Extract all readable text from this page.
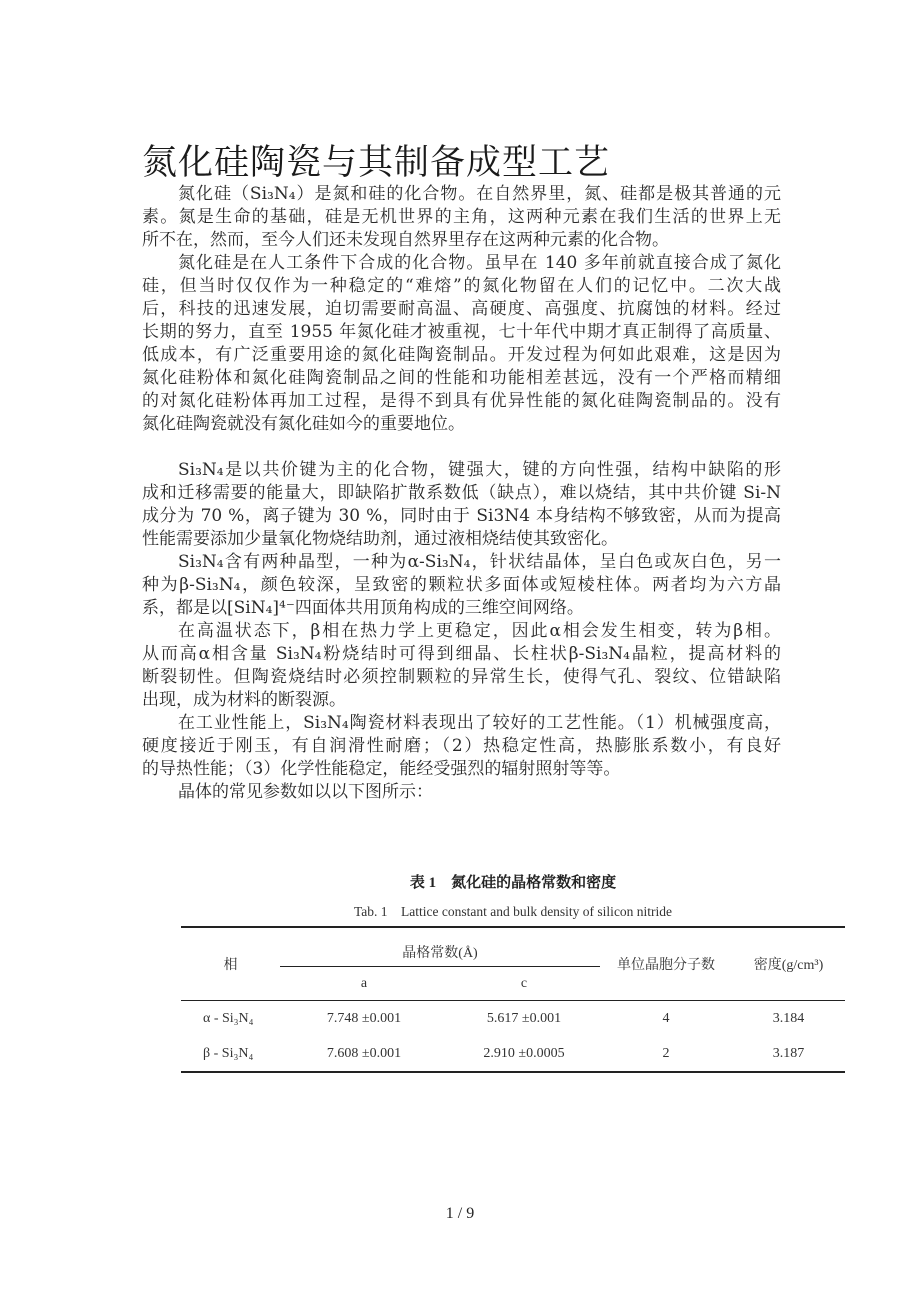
氮化硅陶瓷与其制备成型工艺
氮化硅（Si₃N₄）是氮和硅的化合物。在自然界里，氮、硅都是极其普通的元
素。氮是生命的基础，硅是无机世界的主角，这两种元素在我们生活的世界上无
所不在，然而，至今人们还未发现自然界里存在这两种元素的化合物。
氮化硅是在人工条件下合成的化合物。虽早在 140 多年前就直接合成了氮化
硅，但当时仅仅作为一种稳定的“难熔”的氮化物留在人们的记忆中。二次大战
后，科技的迅速发展，迫切需要耐高温、高硬度、高强度、抗腐蚀的材料。经过
长期的努力，直至 1955 年氮化硅才被重视，七十年代中期才真正制得了高质量、
低成本，有广泛重要用途的氮化硅陶瓷制品。开发过程为何如此艰难，这是因为
氮化硅粉体和氮化硅陶瓷制品之间的性能和功能相差甚远，没有一个严格而精细
的对氮化硅粉体再加工过程，是得不到具有优异性能的氮化硅陶瓷制品的。没有
氮化硅陶瓷就没有氮化硅如今的重要地位。
Si₃N₄是以共价键为主的化合物，键强大，键的方向性强，结构中缺陷的形
成和迁移需要的能量大，即缺陷扩散系数低（缺点），难以烧结，其中共价键 Si-N
成分为 70 %，离子键为 30 %，同时由于 Si3N4 本身结构不够致密，从而为提高
性能需要添加少量氧化物烧结助剂，通过液相烧结使其致密化。
Si₃N₄含有两种晶型，一种为α-Si₃N₄，针状结晶体，呈白色或灰白色，另一
种为β-Si₃N₄，颜色较深，呈致密的颗粒状多面体或短棱柱体。两者均为六方晶
系，都是以[SiN₄]⁴⁻四面体共用顶角构成的三维空间网络。
在高温状态下，β相在热力学上更稳定，因此α相会发生相变，转为β相。
从而高α相含量 Si₃N₄粉烧结时可得到细晶、长柱状β-Si₃N₄晶粒，提高材料的
断裂韧性。但陶瓷烧结时必须控制颗粒的异常生长，使得气孔、裂纹、位错缺陷
出现，成为材料的断裂源。
在工业性能上，Si₃N₄陶瓷材料表现出了较好的工艺性能。（1）机械强度高，
硬度接近于刚玉，有自润滑性耐磨；（2）热稳定性高，热膨胀系数小，有良好
的导热性能；（3）化学性能稳定，能经受强烈的辐射照射等等。
晶体的常见参数如以以下图所示：
表 1　氮化硅的晶格常数和密度
Tab. 1　Lattice constant and bulk density of silicon nitride
相	晶格常数(Å)		单位晶胞分子数	密度(g/cm³)
	a	c		
α - Si₃N₄	7.748 ±0.001	5.617 ±0.001	4	3.184
β - Si₃N₄	7.608 ±0.001	2.910 ±0.0005	2	3.187
1 / 9
